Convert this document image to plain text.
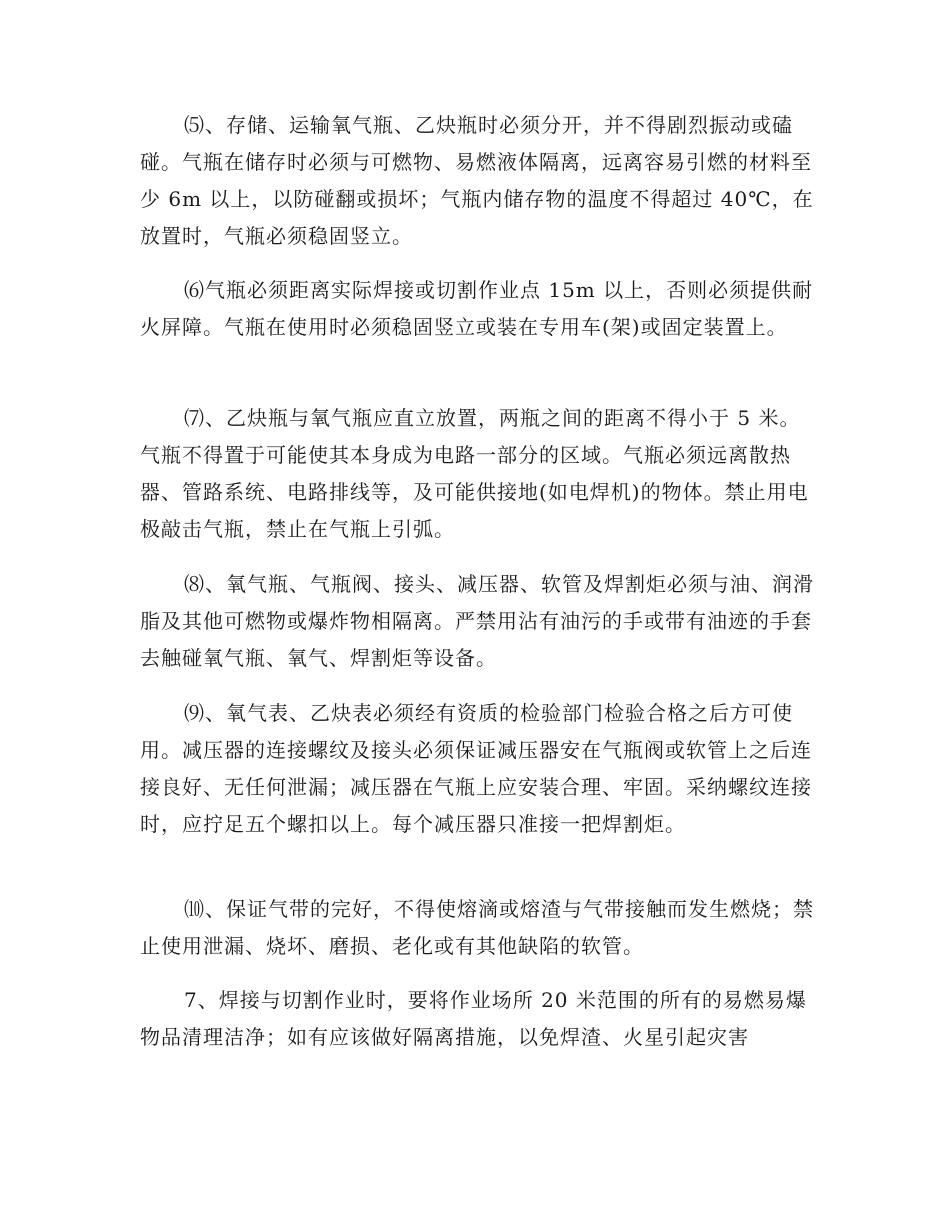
⑸、存储、运输氧气瓶、乙炔瓶时必须分开，并不得剧烈振动或磕碰。气瓶在储存时必须与可燃物、易燃液体隔离，远离容易引燃的材料至少 6m 以上，以防碰翻或损坏；气瓶内储存物的温度不得超过 40℃，在放置时，气瓶必须稳固竖立。

⑹气瓶必须距离实际焊接或切割作业点 15m 以上，否则必须提供耐火屏障。气瓶在使用时必须稳固竖立或装在专用车(架)或固定装置上。

⑺、乙炔瓶与氧气瓶应直立放置，两瓶之间的距离不得小于 5 米。气瓶不得置于可能使其本身成为电路一部分的区域。气瓶必须远离散热器、管路系统、电路排线等，及可能供接地(如电焊机)的物体。禁止用电极敲击气瓶，禁止在气瓶上引弧。

⑻、氧气瓶、气瓶阀、接头、减压器、软管及焊割炬必须与油、润滑脂及其他可燃物或爆炸物相隔离。严禁用沾有油污的手或带有油迹的手套去触碰氧气瓶、氧气、焊割炬等设备。

⑼、氧气表、乙炔表必须经有资质的检验部门检验合格之后方可使用。减压器的连接螺纹及接头必须保证减压器安在气瓶阀或软管上之后连接良好、无任何泄漏；减压器在气瓶上应安装合理、牢固。采纳螺纹连接时，应拧足五个螺扣以上。每个减压器只准接一把焊割炬。

⑽、保证气带的完好，不得使熔滴或熔渣与气带接触而发生燃烧；禁止使用泄漏、烧坏、磨损、老化或有其他缺陷的软管。

7、焊接与切割作业时，要将作业场所 20 米范围的所有的易燃易爆物品清理洁净；如有应该做好隔离措施，以免焊渣、火星引起灾害
